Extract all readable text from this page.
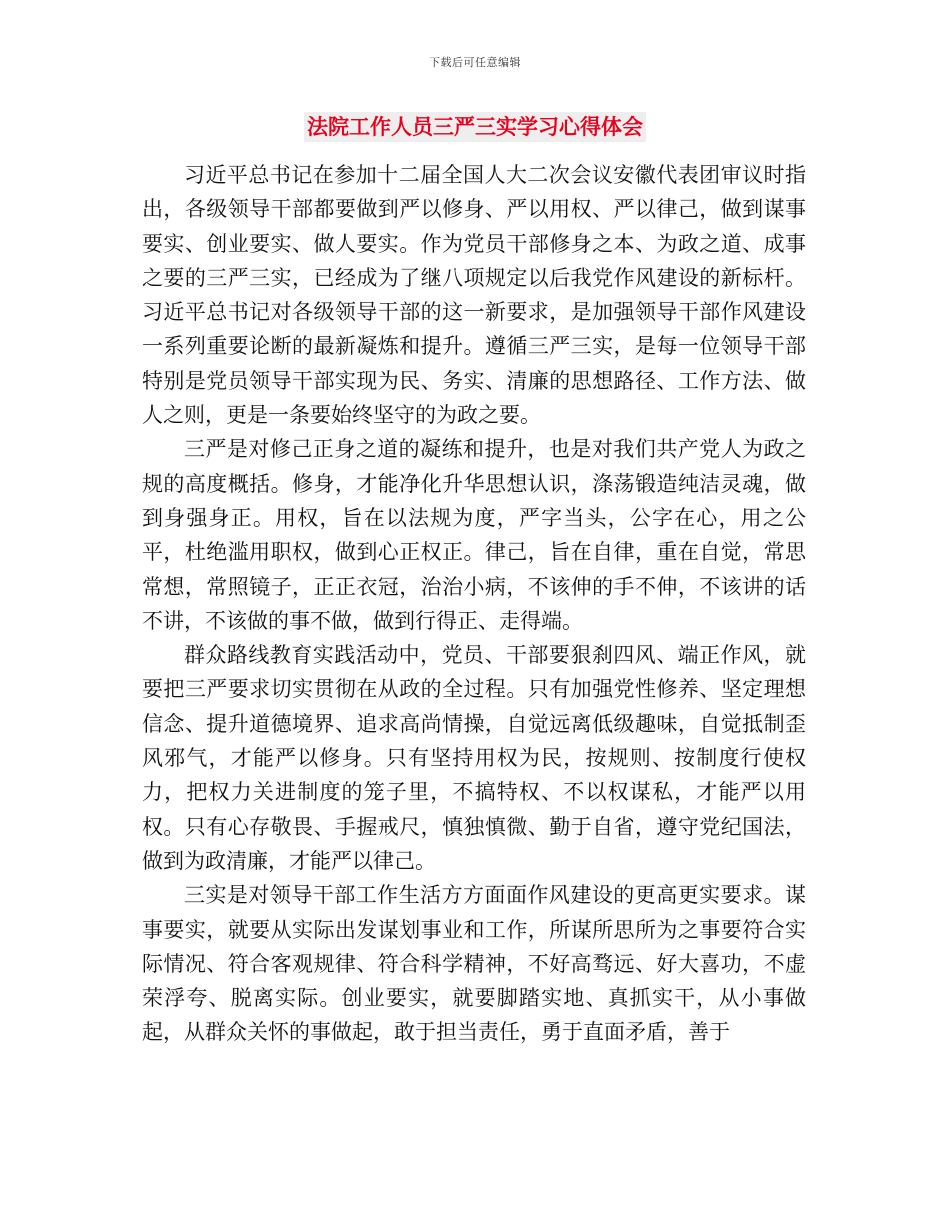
下载后可任意编辑
法院工作人员三严三实学习心得体会

习近平总书记在参加十二届全国人大二次会议安徽代表团审议时指出，各级领导干部都要做到严以修身、严以用权、严以律己，做到谋事要实、创业要实、做人要实。作为党员干部修身之本、为政之道、成事之要的三严三实，已经成为了继八项规定以后我党作风建设的新标杆。习近平总书记对各级领导干部的这一新要求，是加强领导干部作风建设一系列重要论断的最新凝炼和提升。遵循三严三实，是每一位领导干部特别是党员领导干部实现为民、务实、清廉的思想路径、工作方法、做人之则，更是一条要始终坚守的为政之要。

三严是对修己正身之道的凝练和提升，也是对我们共产党人为政之规的高度概括。修身，才能净化升华思想认识，涤荡锻造纯洁灵魂，做到身强身正。用权，旨在以法规为度，严字当头，公字在心，用之公平，杜绝滥用职权，做到心正权正。律己，旨在自律，重在自觉，常思常想，常照镜子，正正衣冠，治治小病，不该伸的手不伸，不该讲的话不讲，不该做的事不做，做到行得正、走得端。

群众路线教育实践活动中，党员、干部要狠刹四风、端正作风，就要把三严要求切实贯彻在从政的全过程。只有加强党性修养、坚定理想信念、提升道德境界、追求高尚情操，自觉远离低级趣味，自觉抵制歪风邪气，才能严以修身。只有坚持用权为民，按规则、按制度行使权力，把权力关进制度的笼子里，不搞特权、不以权谋私，才能严以用权。只有心存敬畏、手握戒尺，慎独慎微、勤于自省，遵守党纪国法，做到为政清廉，才能严以律己。

三实是对领导干部工作生活方方面面作风建设的更高更实要求。谋事要实，就要从实际出发谋划事业和工作，所谋所思所为之事要符合实际情况、符合客观规律、符合科学精神，不好高骛远、好大喜功，不虚荣浮夸、脱离实际。创业要实，就要脚踏实地、真抓实干，从小事做起，从群众关怀的事做起，敢于担当责任，勇于直面矛盾，善于
